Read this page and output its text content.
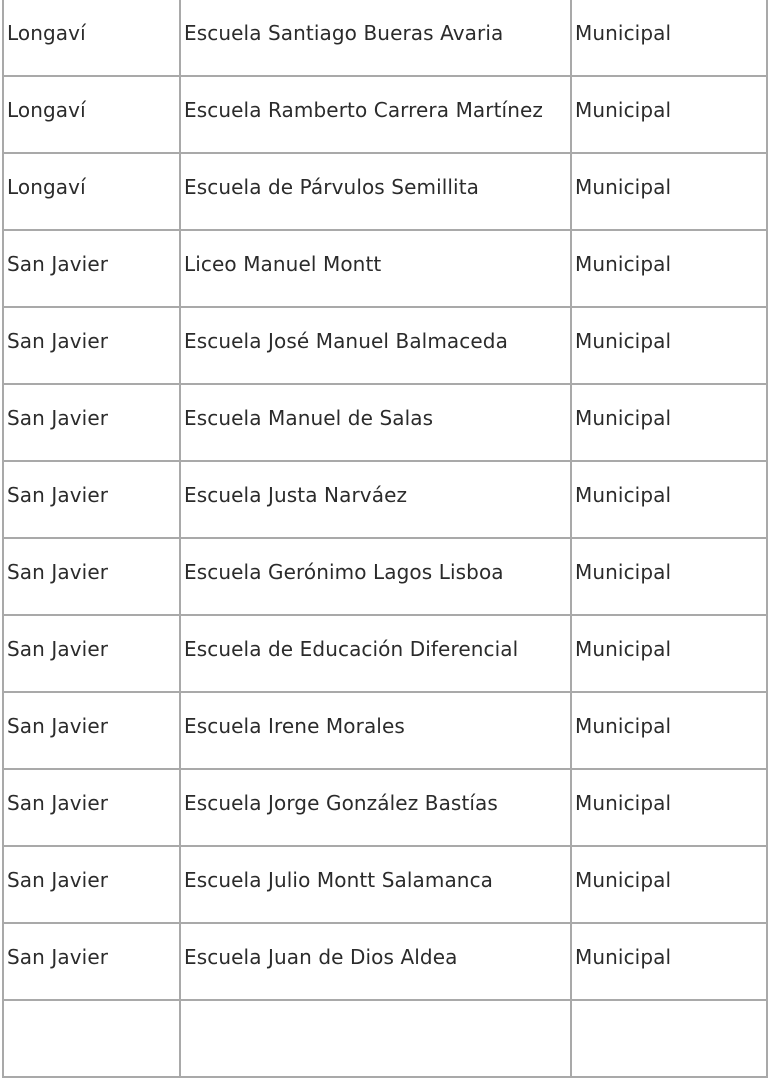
Longaví	Escuela Santiago Bueras Avaria	Municipal

Longaví	Escuela Ramberto Carrera Martínez	Municipal

Longaví	Escuela de Párvulos Semillita	Municipal

San Javier	Liceo Manuel Montt	Municipal

San Javier	Escuela José Manuel Balmaceda	Municipal

San Javier	Escuela Manuel de Salas	Municipal

San Javier	Escuela Justa Narváez	Municipal

San Javier	Escuela Gerónimo Lagos Lisboa	Municipal

San Javier	Escuela de Educación Diferencial	Municipal

San Javier	Escuela Irene Morales	Municipal

San Javier	Escuela Jorge González Bastías	Municipal

San Javier	Escuela Julio Montt Salamanca	Municipal

San Javier	Escuela Juan de Dios Aldea	Municipal
